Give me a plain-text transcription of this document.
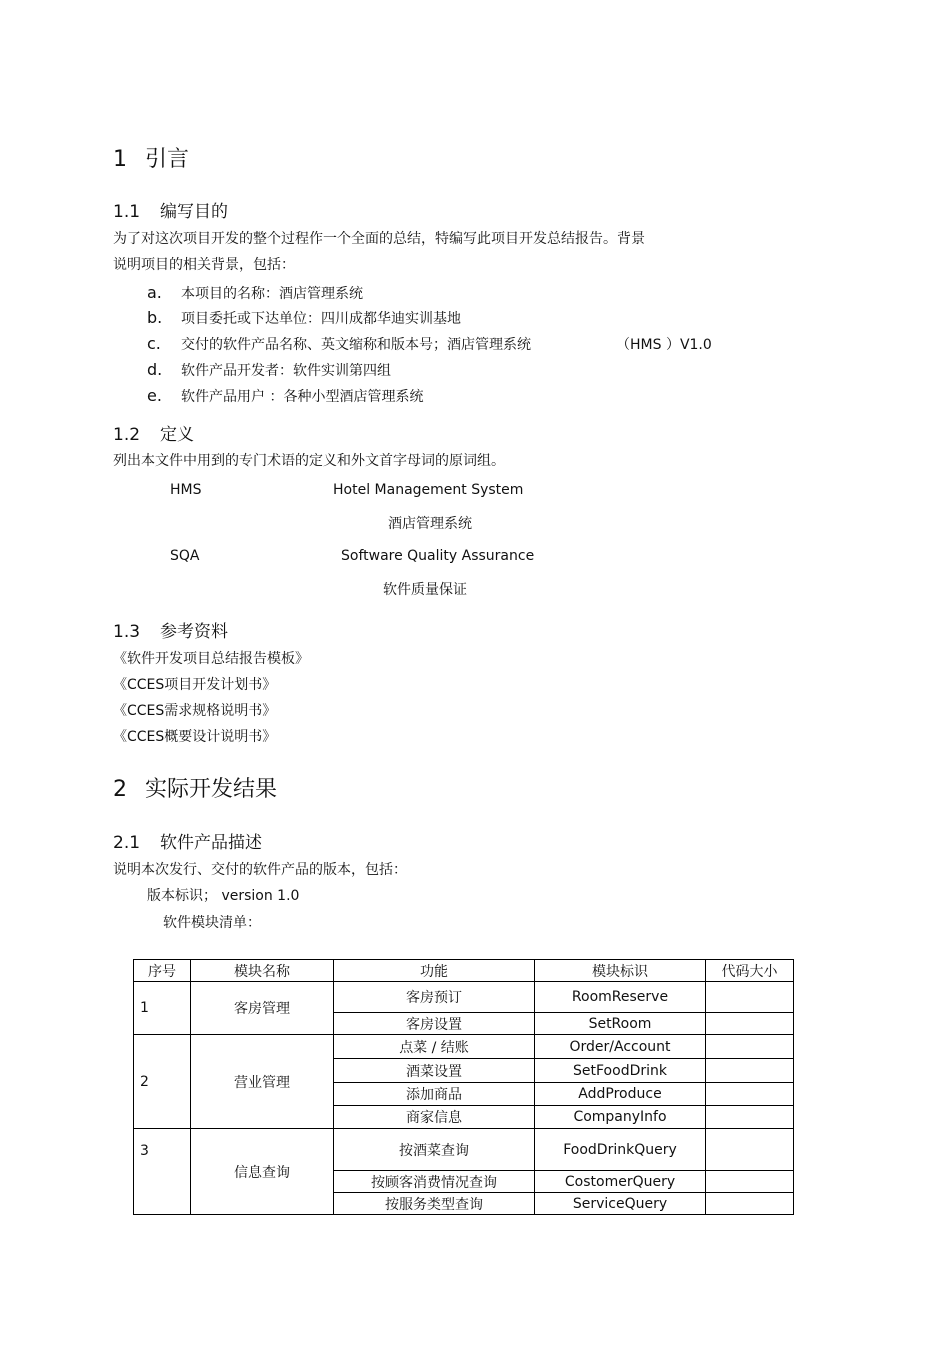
1 引言
1.1 编写目的
为了对这次项目开发的整个过程作一个全面的总结，特编写此项目开发总结报告。背景
说明项目的相关背景，包括：
a. 本项目的名称：酒店管理系统
b. 项目委托或下达单位：四川成都华迪实训基地
c. 交付的软件产品名称、英文缩称和版本号；酒店管理系统	（HMS ）V1.0
d. 软件产品开发者：软件实训第四组
e. 软件产品用户 ：各种小型酒店管理系统
1.2 定义
列出本文件中用到的专门术语的定义和外文首字母词的原词组。
HMS	Hotel Management System
酒店管理系统
SQA	Software Quality Assurance
软件质量保证
1.3 参考资料
《软件开发项目总结报告模板》
《CCES项目开发计划书》
《CCES需求规格说明书》
《CCES概要设计说明书》
2 实际开发结果
2.1 软件产品描述
说明本次发行、交付的软件产品的版本，包括：
版本标识； version 1.0
软件模块清单：
序号	模块名称	功能	模块标识	代码大小
1	客房管理	客房预订	RoomReserve	
		客房设置	SetRoom	
2	营业管理	点菜 / 结账	Order/Account	
		酒菜设置	SetFoodDrink	
		添加商品	AddProduce	
		商家信息	CompanyInfo	
3	信息查询	按酒菜查询	FoodDrinkQuery	
		按顾客消费情况查询	CostomerQuery	
		按服务类型查询	ServiceQuery	
